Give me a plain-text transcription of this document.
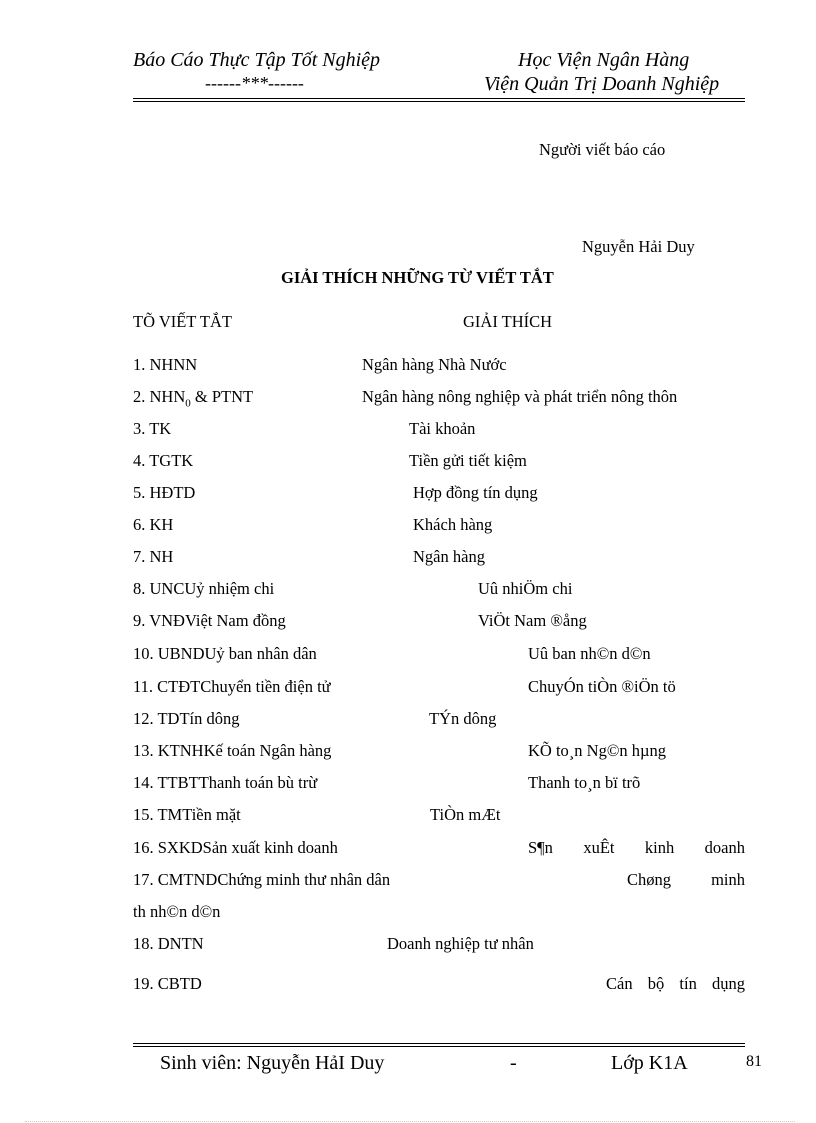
Báo Cáo Thực Tập Tốt Nghiệp
------***------
Học Viện Ngân Hàng
Viện Quản Trị Doanh Nghiệp
Người viết báo cáo
Nguyễn Hải Duy
GIẢI THÍCH NHỮNG TỪ VIẾT TẮT
TÕ VIẾT TẮT	GIẢI THÍCH
1. NHNN	Ngân hàng Nhà Nước
2. $NHN_0$ & PTNT	Ngân hàng nông nghiệp và phát triển nông thôn
3. TK	Tài khoản
4. TGTK	Tiền gửi tiết kiệm
5. HĐTD	Hợp đồng tín dụng
6. KH	Khách hàng
7. NH	Ngân hàng
8. UNCUỷ nhiệm chi	Uû nhiÖm chi
9. VNĐViệt Nam đồng	ViÖt Nam ®ång
10. UBNDUỷ ban nhân dân	Uû ban nh©n d©n
11. CTĐTChuyển tiền điện tử	ChuyÓn tiÒn ®iÖn tö
12. TDTín dông	TÝn dông
13. KTNHKế toán Ngân hàng	KÕ to¸n Ng©n hµng
14. TTBTThanh toán bù trừ	Thanh to¸n bï trõ
15. TMTiền mặt	TiÒn mÆt
16. SXKDSản xuất kinh doanh	S¶n xuÊt kinh doanh
17. CMTNDChứng minh thư nhân dân	Chøng minh
th nh©n d©n
18. DNTN	Doanh nghiệp tư nhân
19. CBTD	Cán bộ tín dụng
Sinh viên: Nguyễn HảI Duy	-	Lớp K1A	81
